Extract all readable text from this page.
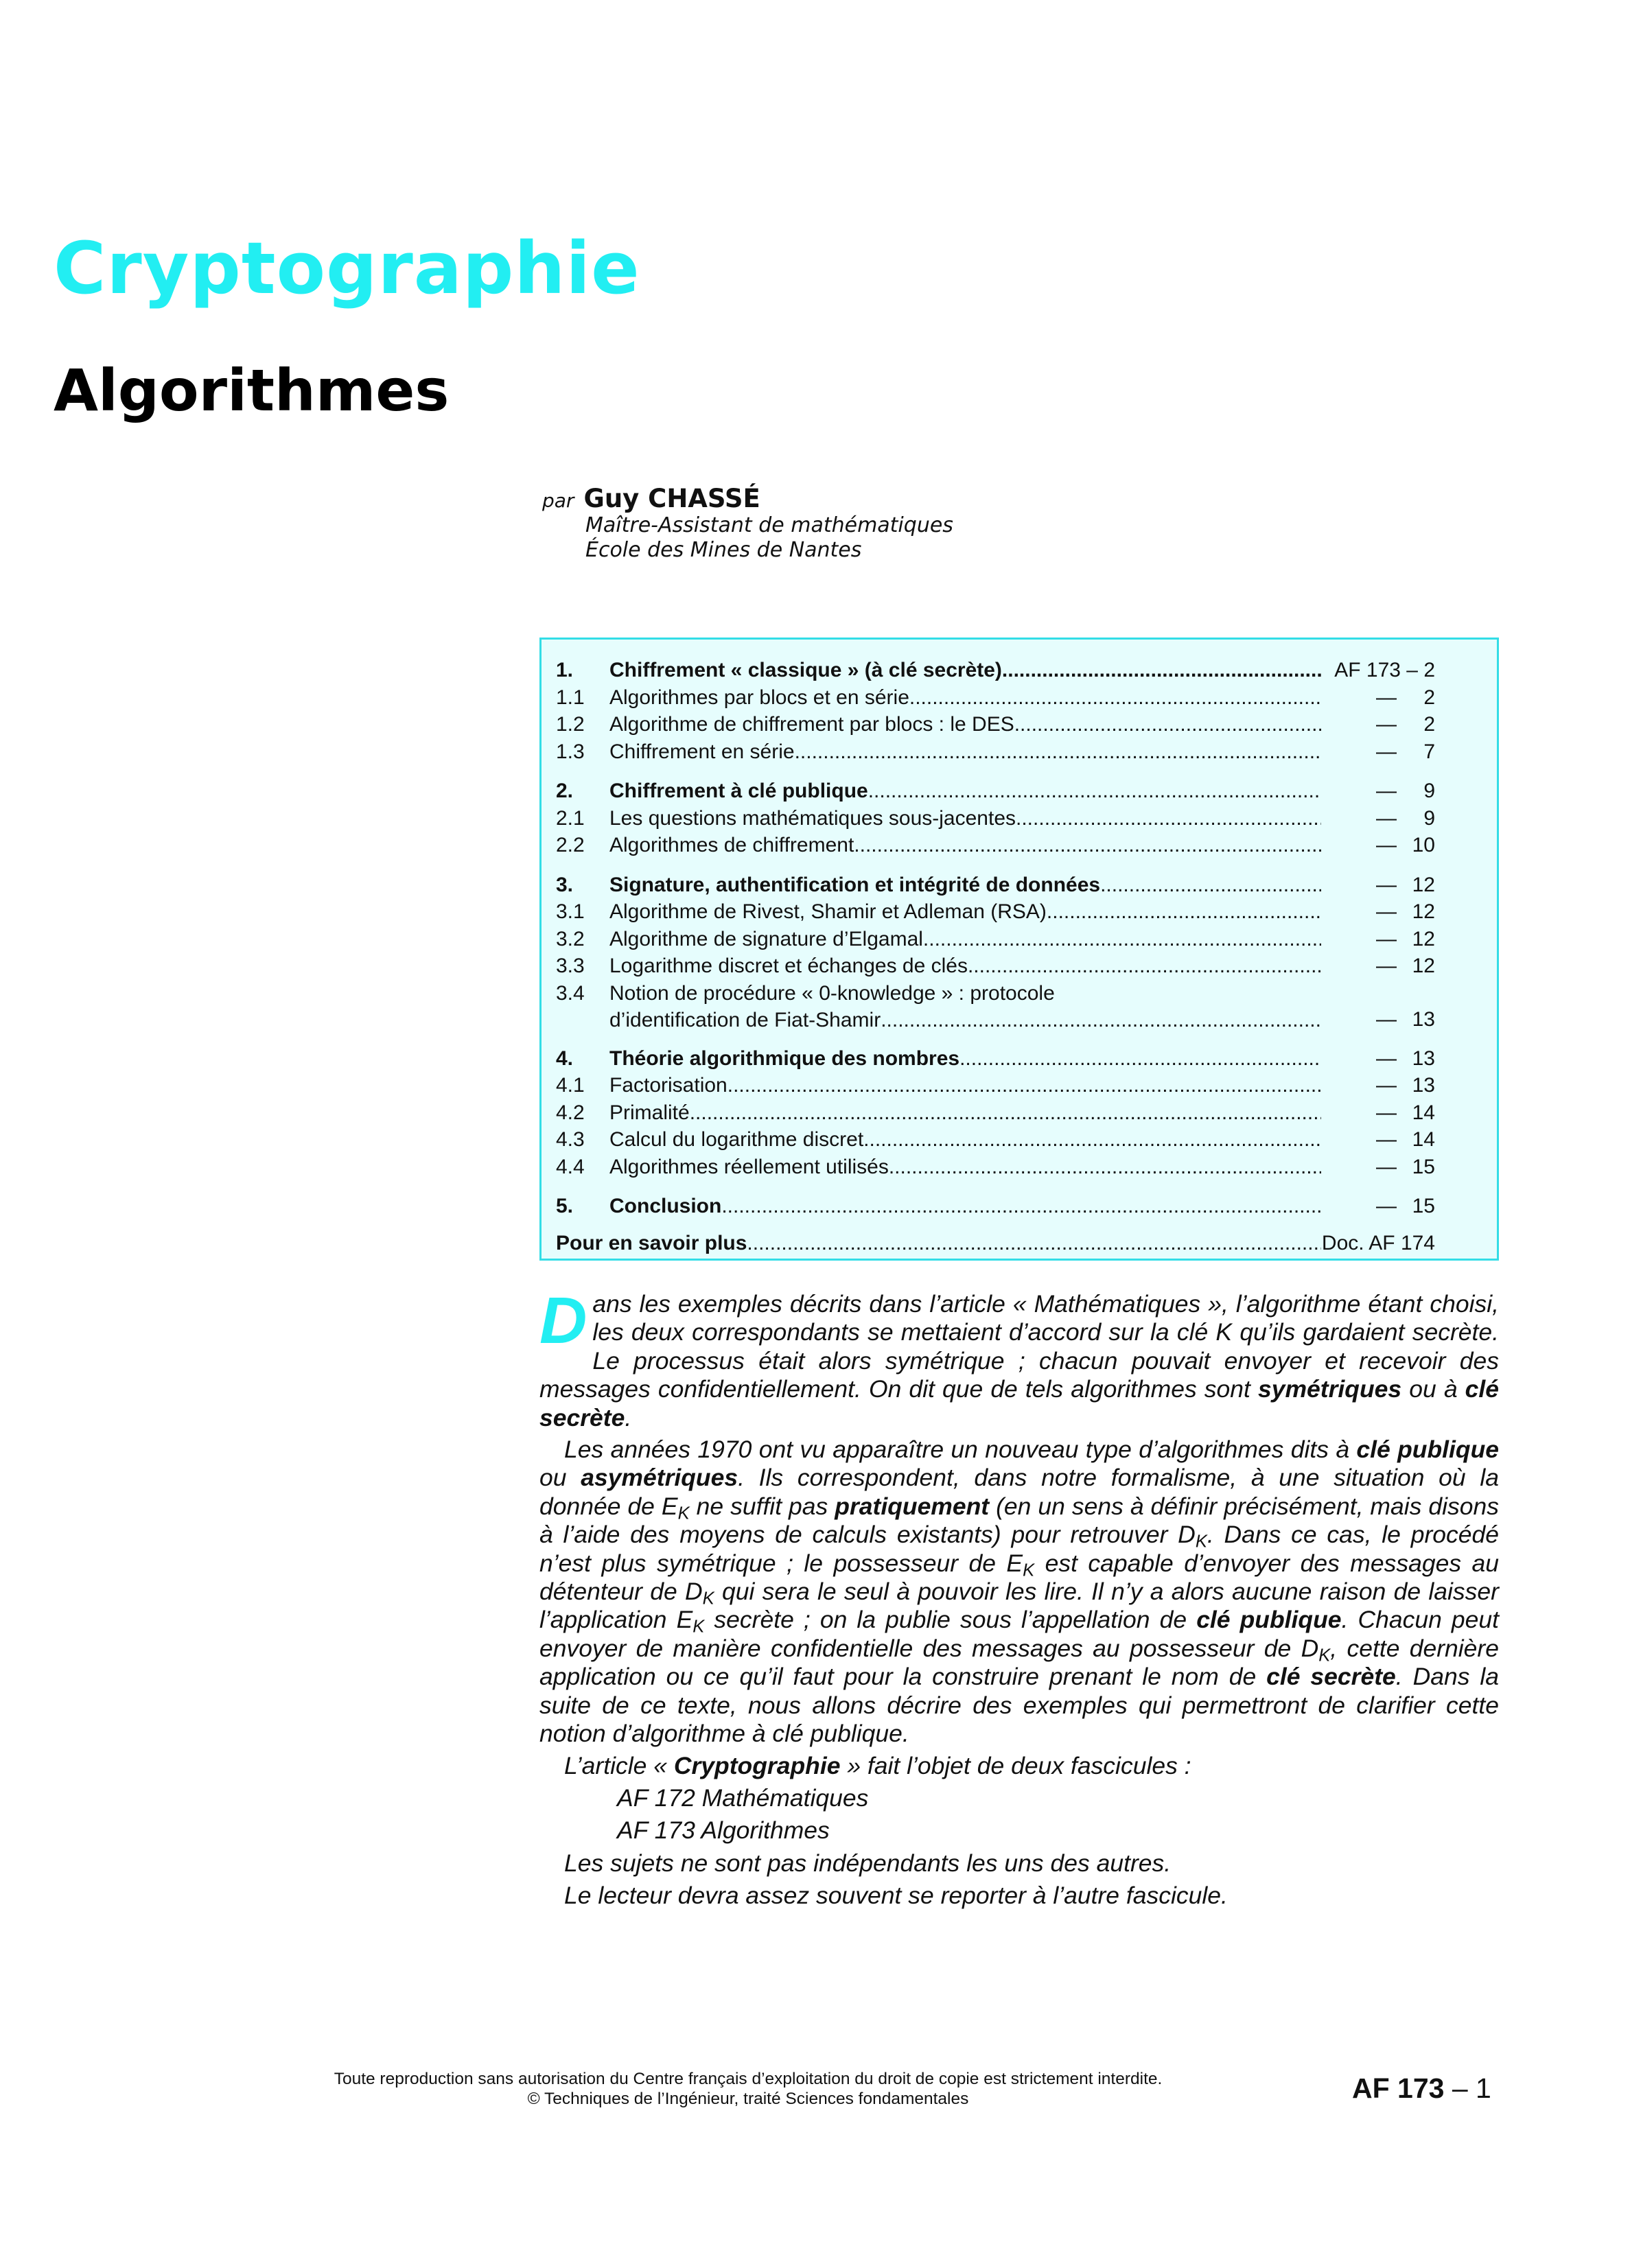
Cryptographie
Algorithmes
par Guy CHASSÉ
Maître-Assistant de mathématiques
École des Mines de Nantes
1.	Chiffrement « classique » (à clé secrète) .....	AF 173 – 2
1.1	Algorithmes par blocs et en série .....	—	2
1.2	Algorithme de chiffrement par blocs : le DES .....	—	2
1.3	Chiffrement en série .....	—	7
2.	Chiffrement à clé publique .....	—	9
2.1	Les questions mathématiques sous-jacentes .....	—	9
2.2	Algorithmes de chiffrement .....	— 10
3.	Signature, authentification et intégrité de données .....	— 12
3.1	Algorithme de Rivest, Shamir et Adleman (RSA) .....	— 12
3.2	Algorithme de signature d’Elgamal .....	— 12
3.3	Logarithme discret et échanges de clés .....	— 12
3.4	Notion de procédure « 0-knowledge » : protocole
d’identification de Fiat-Shamir .....	— 13
4.	Théorie algorithmique des nombres .....	— 13
4.1	Factorisation .....	— 13
4.2	Primalité .....	— 14
4.3	Calcul du logarithme discret .....	— 14
4.4	Algorithmes réellement utilisés .....	— 15
5.	Conclusion .....	— 15
Pour en savoir plus .....	Doc. AF 174

Dans les exemples décrits dans l’article « Mathématiques », l’algorithme étant choisi, les deux correspondants se mettaient d’accord sur la clé K qu’ils gardaient secrète. Le processus était alors symétrique ; chacun pouvait envoyer et recevoir des messages confidentiellement. On dit que de tels algorithmes sont symétriques ou à clé secrète.

Les années 1970 ont vu apparaître un nouveau type d’algorithmes dits à clé publique ou asymétriques. Ils correspondent, dans notre formalisme, à une situation où la donnée de $E_K$ ne suffit pas pratiquement (en un sens à définir précisément, mais disons à l’aide des moyens de calculs existants) pour retrouver $D_K$. Dans ce cas, le procédé n’est plus symétrique ; le possesseur de $E_K$ est capable d’envoyer des messages au détenteur de $D_K$ qui sera le seul à pouvoir les lire. Il n’y a alors aucune raison de laisser l’application $E_K$ secrète ; on la publie sous l’appellation de clé publique. Chacun peut envoyer de manière confidentielle des messages au possesseur de $D_K$, cette dernière application ou ce qu’il faut pour la construire prenant le nom de clé secrète. Dans la suite de ce texte, nous allons décrire des exemples qui permettront de clarifier cette notion d’algorithme à clé publique.

L’article « Cryptographie » fait l’objet de deux fascicules :

AF 172 Mathématiques

AF 173 Algorithmes

Les sujets ne sont pas indépendants les uns des autres.

Le lecteur devra assez souvent se reporter à l’autre fascicule.

Toute reproduction sans autorisation du Centre français d’exploitation du droit de copie est strictement interdite.
© Techniques de l’Ingénieur, traité Sciences fondamentales	AF 173 – 1
